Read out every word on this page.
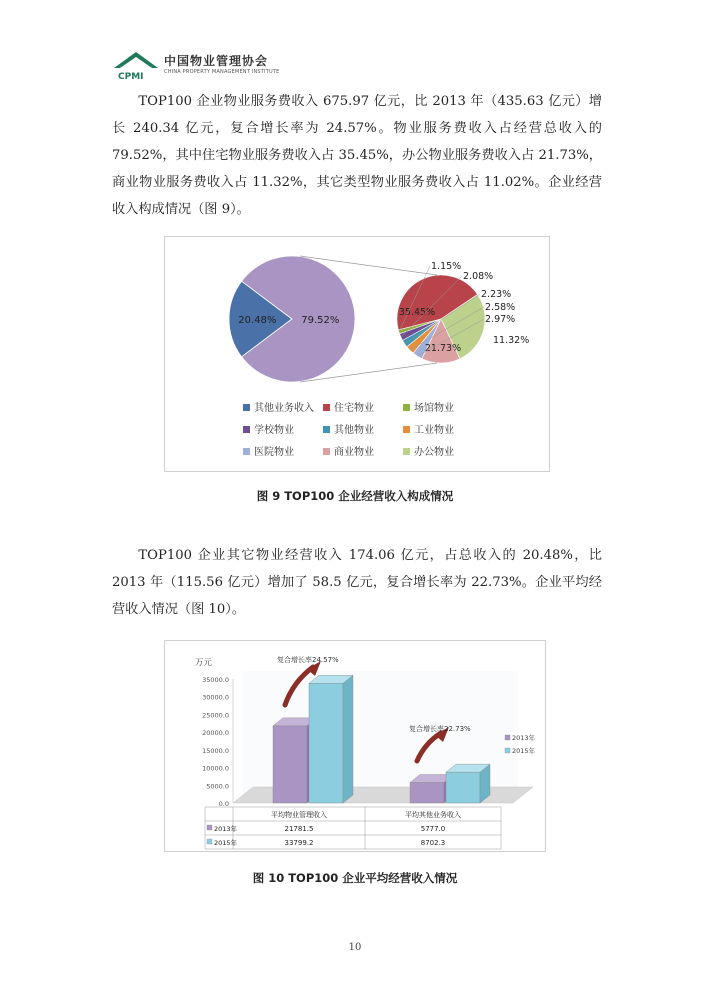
CPMI
中国物业管理协会
CHINA PROPERTY MANAGEMENT INSTITUTE

TOP100 企业物业服务费收入 675.97 亿元，比 2013 年（435.63 亿元）增长 240.34 亿元，复合增长率为 24.57%。物业服务费收入占经营总收入的 79.52%，其中住宅物业服务费收入占 35.45%，办公物业服务费收入占 21.73%，商业物业服务费收入占 11.32%，其它类型物业服务费收入占 11.02%。企业经营收入构成情况（图 9）。

20.48% 79.52%
35.45%
21.73%
11.32%
2.97%
2.58%
2.23%
2.08%
1.15%
其他业务收入 住宅物业	场馆物业
学校物业	其他物业	工业物业
医院物业	商业物业	办公物业
图 9 TOP100 企业经营收入构成情况

TOP100 企业其它物业经营收入 174.06 亿元，占总收入的 20.48%，比 2013 年（115.56 亿元）增加了 58.5 亿元，复合增长率为 22.73%。企业平均经营收入情况（图 10）。

万元
35000.0
30000.0
25000.0
20000.0
15000.0
10000.0
5000.0
0.0
复合增长率24.57%
复合增长率22.73%
2013年
2015年
平均物业管理收入	平均其他业务收入
2013年	21781.5	5777.0
2015年	33799.2	8702.3
图 10 TOP100 企业平均经营收入情况
10
